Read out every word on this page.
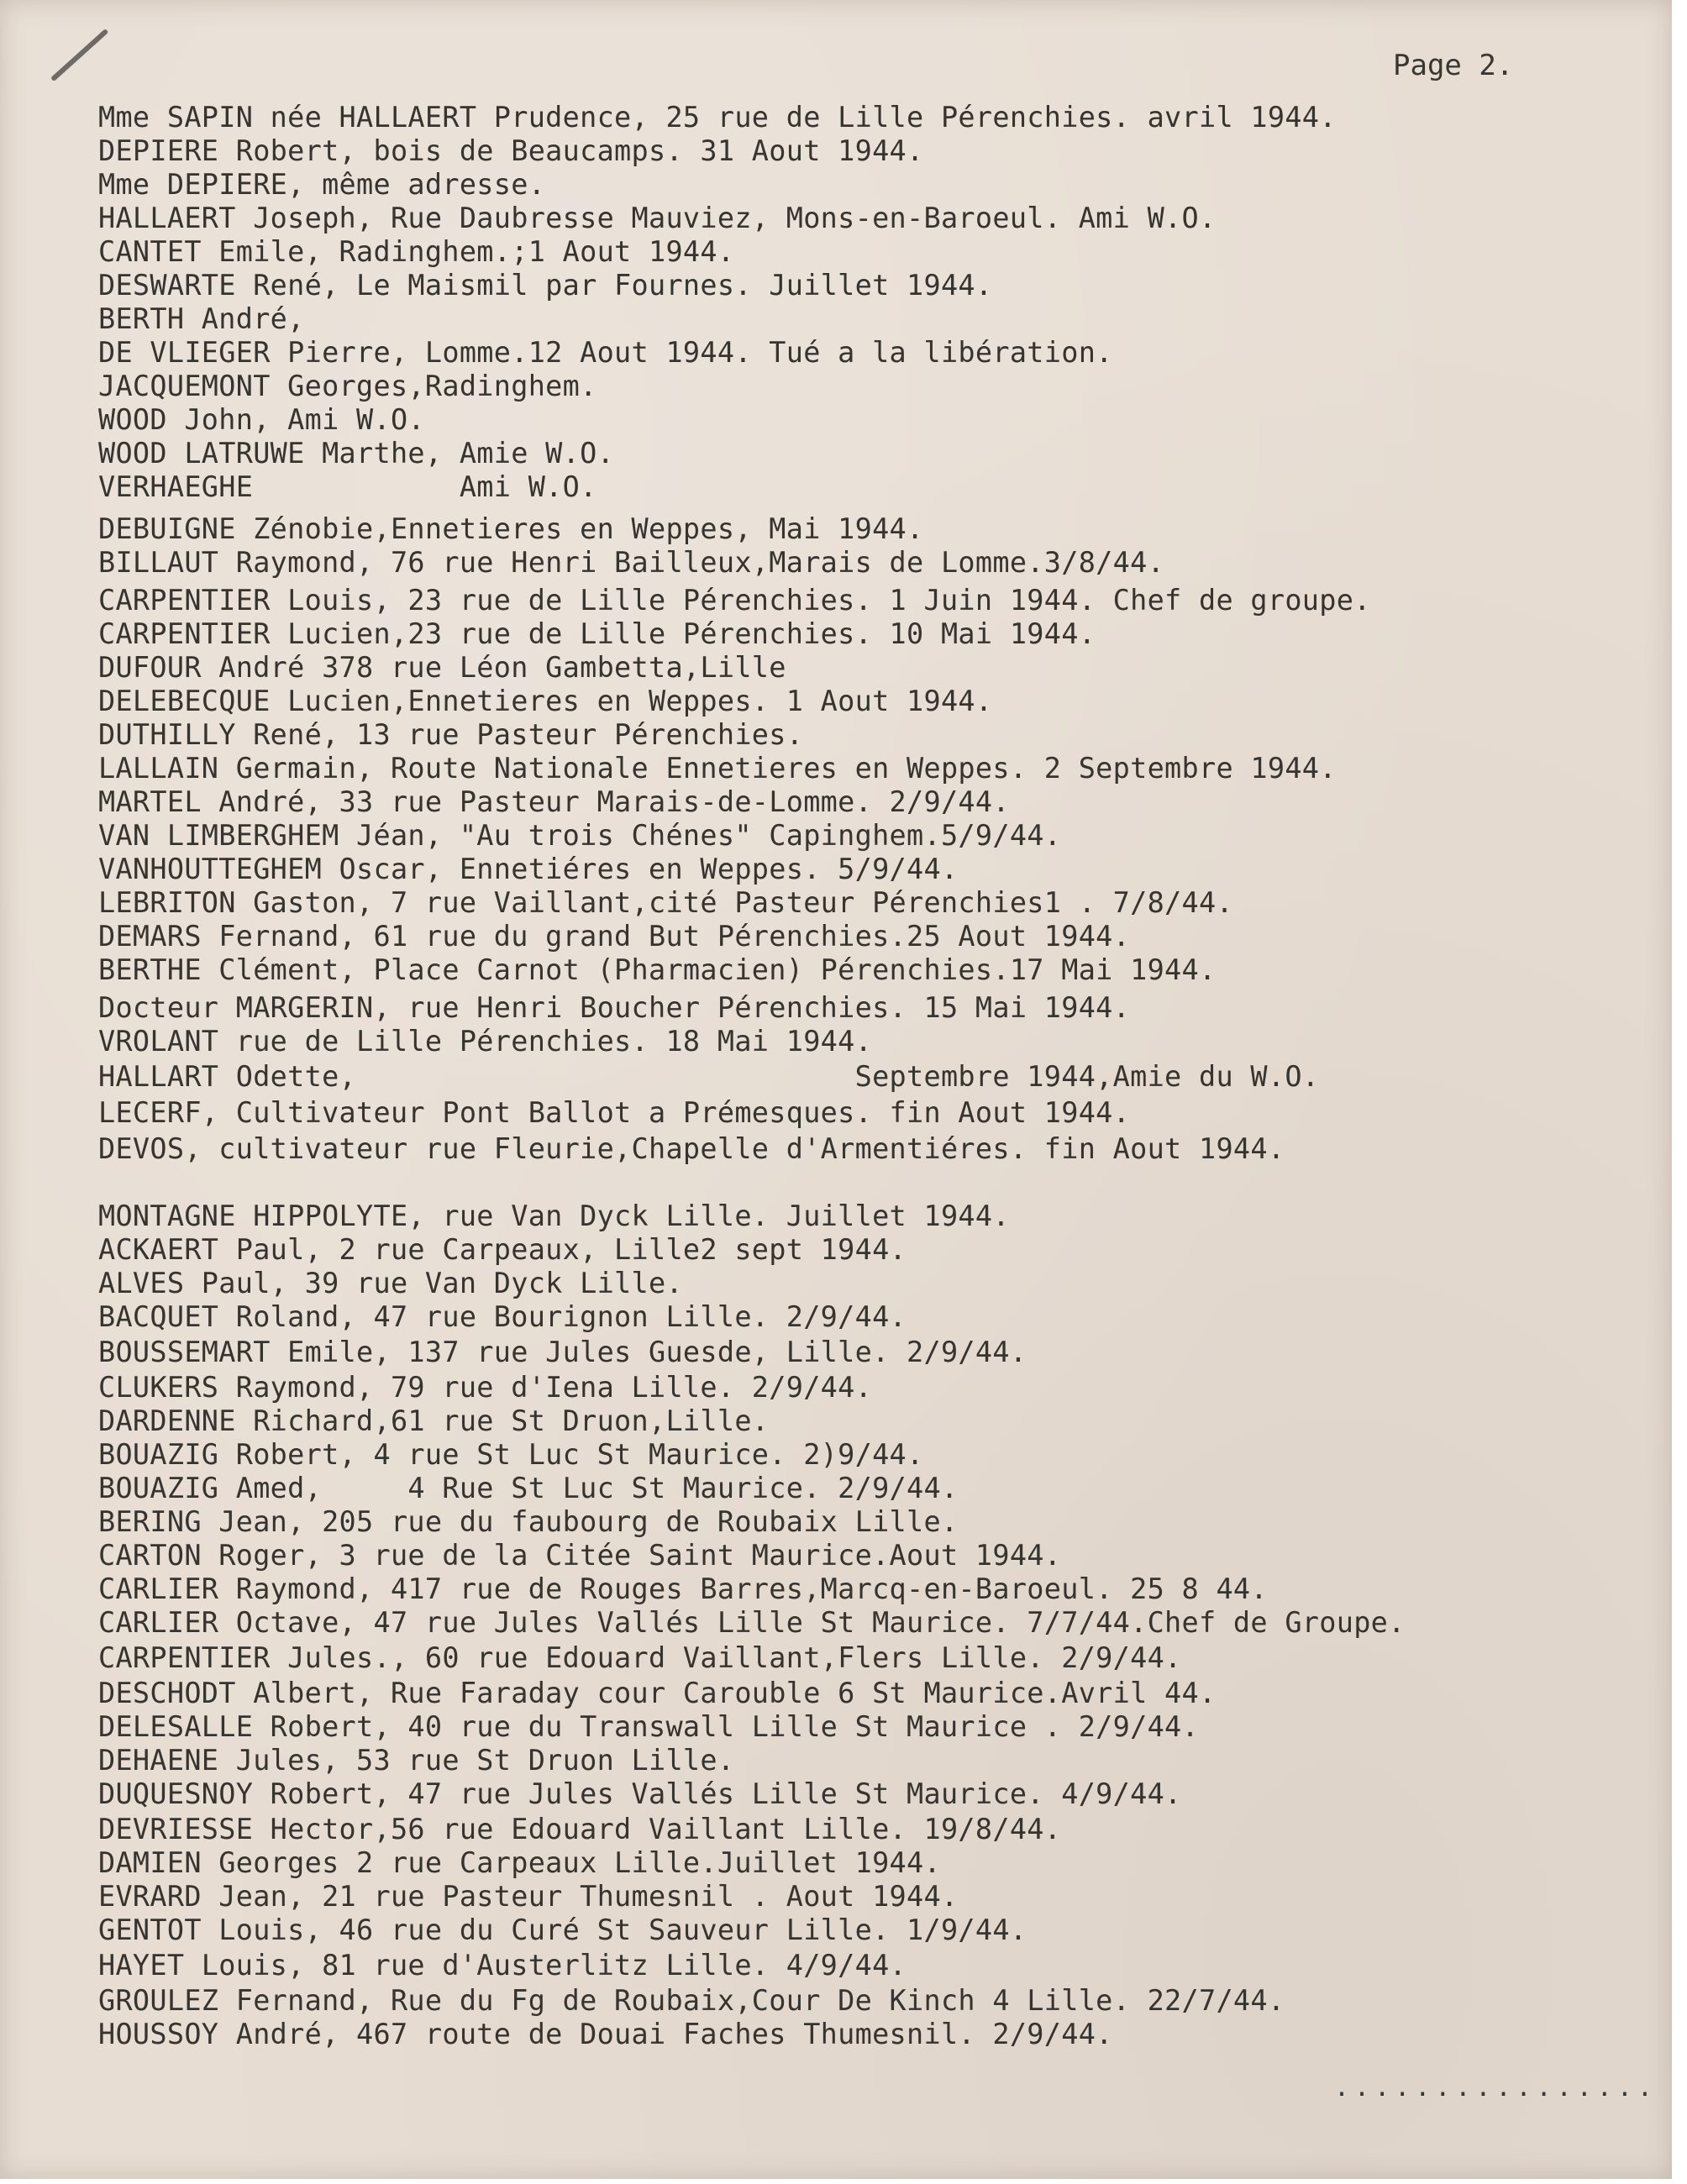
Page 2.

Mme SAPIN née HALLAERT Prudence, 25 rue de Lille Pérenchies. avril 1944.

DEPIERE Robert, bois de Beaucamps. 31 Aout 1944.

Mme DEPIERE, même adresse.

HALLAERT Joseph, Rue Daubresse Mauviez, Mons-en-Baroeul. Ami W.O.

CANTET Emile, Radinghem.;1 Aout 1944.

DESWARTE René, Le Maismil par Fournes. Juillet 1944.

BERTH André,

DE VLIEGER Pierre, Lomme.12 Aout 1944. Tué a la libération.

JACQUEMONT Georges,Radinghem.

WOOD John, Ami W.O.

WOOD LATRUWE Marthe, Amie W.O.

VERHAEGHE            Ami W.O.

DEBUIGNE Zénobie,Ennetieres en Weppes, Mai 1944.

BILLAUT Raymond, 76 rue Henri Bailleux,Marais de Lomme.3/8/44.

CARPENTIER Louis, 23 rue de Lille Pérenchies. 1 Juin 1944. Chef de groupe.

CARPENTIER Lucien,23 rue de Lille Pérenchies. 10 Mai 1944.

DUFOUR André 378 rue Léon Gambetta,Lille

DELEBECQUE Lucien,Ennetieres en Weppes. 1 Aout 1944.

DUTHILLY René, 13 rue Pasteur Pérenchies.

LALLAIN Germain, Route Nationale Ennetieres en Weppes. 2 Septembre 1944.

MARTEL André, 33 rue Pasteur Marais-de-Lomme. 2/9/44.

VAN LIMBERGHEM Jéan, "Au trois Chénes" Capinghem.5/9/44.

VANHOUTTEGHEM Oscar, Ennetiéres en Weppes. 5/9/44.

LEBRITON Gaston, 7 rue Vaillant,cité Pasteur Pérenchies1 . 7/8/44.

DEMARS Fernand, 61 rue du grand But Pérenchies.25 Aout 1944.

BERTHE Clément, Place Carnot (Pharmacien) Pérenchies.17 Mai 1944.

Docteur MARGERIN, rue Henri Boucher Pérenchies. 15 Mai 1944.

VROLANT rue de Lille Pérenchies. 18 Mai 1944.

HALLART Odette,                             Septembre 1944,Amie du W.O.

LECERF, Cultivateur Pont Ballot a Prémesques. fin Aout 1944.

DEVOS, cultivateur rue Fleurie,Chapelle d'Armentiéres. fin Aout 1944.

MONTAGNE HIPPOLYTE, rue Van Dyck Lille. Juillet 1944.

ACKAERT Paul, 2 rue Carpeaux, Lille2 sept 1944.

ALVES Paul, 39 rue Van Dyck Lille.

BACQUET Roland, 47 rue Bourignon Lille. 2/9/44.

BOUSSEMART Emile, 137 rue Jules Guesde, Lille. 2/9/44.

CLUKERS Raymond, 79 rue d'Iena Lille. 2/9/44.

DARDENNE Richard,61 rue St Druon,Lille.

BOUAZIG Robert, 4 rue St Luc St Maurice. 2)9/44.

BOUAZIG Amed,     4 Rue St Luc St Maurice. 2/9/44.

BERING Jean, 205 rue du faubourg de Roubaix Lille.

CARTON Roger, 3 rue de la Citée Saint Maurice.Aout 1944.

CARLIER Raymond, 417 rue de Rouges Barres,Marcq-en-Baroeul. 25 8 44.

CARLIER Octave, 47 rue Jules Vallés Lille St Maurice. 7/7/44.Chef de Groupe.

CARPENTIER Jules., 60 rue Edouard Vaillant,Flers Lille. 2/9/44.

DESCHODT Albert, Rue Faraday cour Carouble 6 St Maurice.Avril 44.

DELESALLE Robert, 40 rue du Transwall Lille St Maurice . 2/9/44.

DEHAENE Jules, 53 rue St Druon Lille.

DUQUESNOY Robert, 47 rue Jules Vallés Lille St Maurice. 4/9/44.

DEVRIESSE Hector,56 rue Edouard Vaillant Lille. 19/8/44.

DAMIEN Georges 2 rue Carpeaux Lille.Juillet 1944.

EVRARD Jean, 21 rue Pasteur Thumesnil . Aout 1944.

GENTOT Louis, 46 rue du Curé St Sauveur Lille. 1/9/44.

HAYET Louis, 81 rue d'Austerlitz Lille. 4/9/44.

GROULEZ Fernand, Rue du Fg de Roubaix,Cour De Kinch 4 Lille. 22/7/44.

HOUSSOY André, 467 route de Douai Faches Thumesnil. 2/9/44.

................
